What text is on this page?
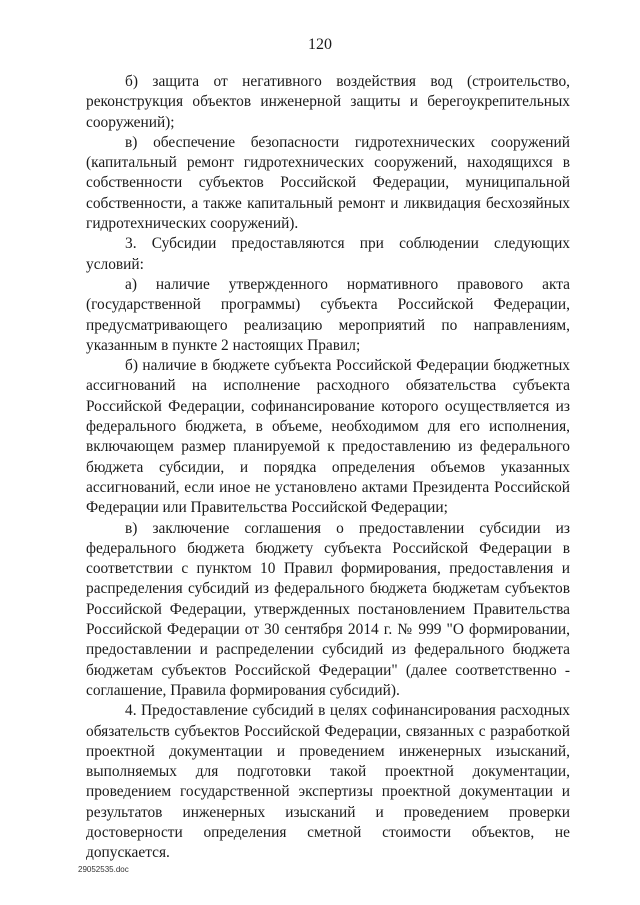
120

б) защита от негативного воздействия вод (строительство, реконструкция объектов инженерной защиты и берегоукрепительных сооружений);

в) обеспечение безопасности гидротехнических сооружений (капитальный ремонт гидротехнических сооружений, находящихся в собственности субъектов Российской Федерации, муниципальной собственности, а также капитальный ремонт и ликвидация бесхозяйных гидротехнических сооружений).

3. Субсидии предоставляются при соблюдении следующих условий:

а) наличие утвержденного нормативного правового акта (государственной программы) субъекта Российской Федерации, предусматривающего реализацию мероприятий по направлениям, указанным в пункте 2 настоящих Правил;

б) наличие в бюджете субъекта Российской Федерации бюджетных ассигнований на исполнение расходного обязательства субъекта Российской Федерации, софинансирование которого осуществляется из федерального бюджета, в объеме, необходимом для его исполнения, включающем размер планируемой к предоставлению из федерального бюджета субсидии, и порядка определения объемов указанных ассигнований, если иное не установлено актами Президента Российской Федерации или Правительства Российской Федерации;

в) заключение соглашения о предоставлении субсидии из федерального бюджета бюджету субъекта Российской Федерации в соответствии с пунктом 10 Правил формирования, предоставления и распределения субсидий из федерального бюджета бюджетам субъектов Российской Федерации, утвержденных постановлением Правительства Российской Федерации от 30 сентября 2014 г. № 999 "О формировании, предоставлении и распределении субсидий из федерального бюджета бюджетам субъектов Российской Федерации" (далее соответственно - соглашение, Правила формирования субсидий).

4. Предоставление субсидий в целях софинансирования расходных обязательств субъектов Российской Федерации, связанных с разработкой проектной документации и проведением инженерных изысканий, выполняемых для подготовки такой проектной документации, проведением государственной экспертизы проектной документации и результатов инженерных изысканий и проведением проверки достоверности определения сметной стоимости объектов, не допускается.

29052535.doc
